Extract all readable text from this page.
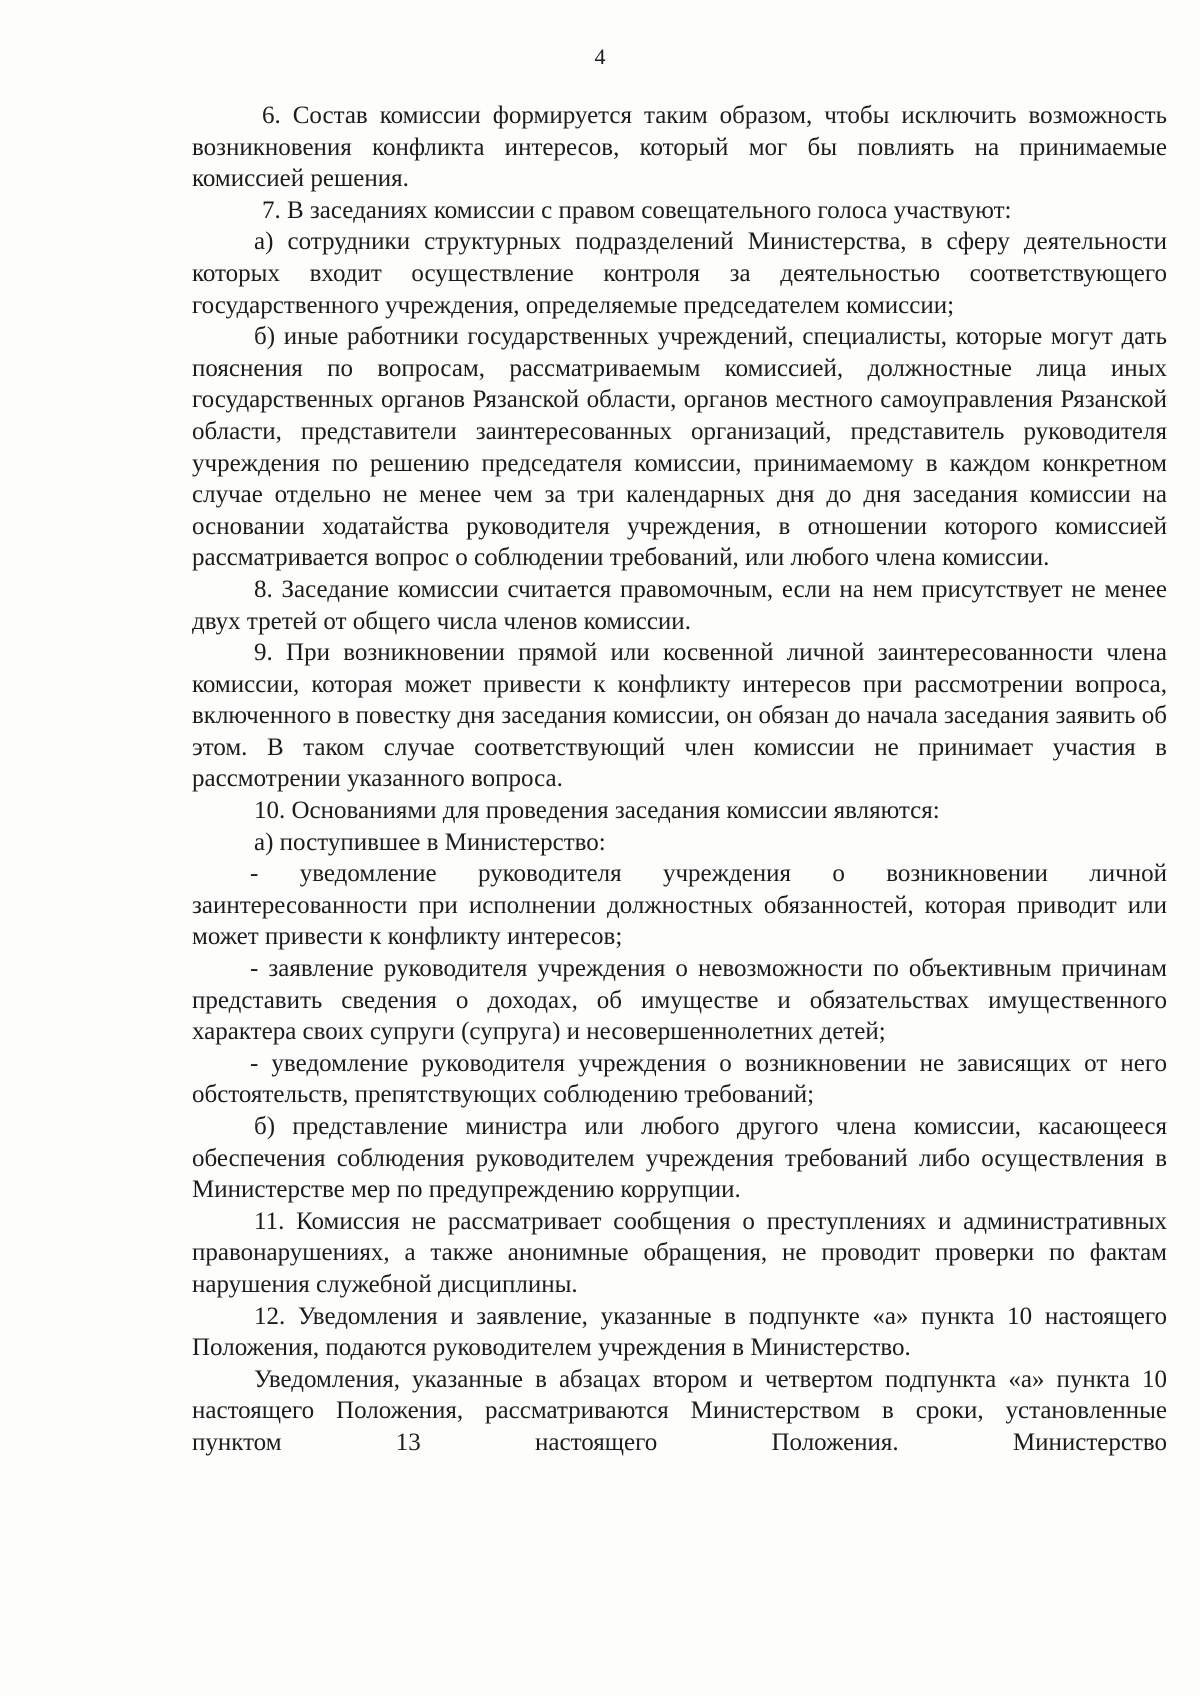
4

6. Состав комиссии формируется таким образом, чтобы исключить возможность возникновения конфликта интересов, который мог бы повлиять на принимаемые комиссией решения.

7. В заседаниях комиссии с правом совещательного голоса участвуют:

а) сотрудники структурных подразделений Министерства, в сферу деятельности которых входит осуществление контроля за деятельностью соответствующего государственного учреждения, определяемые председателем комиссии;

б) иные работники государственных учреждений, специалисты, которые могут дать пояснения по вопросам, рассматриваемым комиссией, должностные лица иных государственных органов Рязанской области, органов местного самоуправления Рязанской области, представители заинтересованных организаций, представитель руководителя учреждения по решению председателя комиссии, принимаемому в каждом конкретном случае отдельно не менее чем за три календарных дня до дня заседания комиссии на основании ходатайства руководителя учреждения, в отношении которого комиссией рассматривается вопрос о соблюдении требований, или любого члена комиссии.

8. Заседание комиссии считается правомочным, если на нем присутствует не менее двух третей от общего числа членов комиссии.

9. При возникновении прямой или косвенной личной заинтересованности члена комиссии, которая может привести к конфликту интересов при рассмотрении вопроса, включенного в повестку дня заседания комиссии, он обязан до начала заседания заявить об этом. В таком случае соответствующий член комиссии не принимает участия в рассмотрении указанного вопроса.

10. Основаниями для проведения заседания комиссии являются:

а) поступившее в Министерство:

- уведомление руководителя учреждения о возникновении личной заинтересованности при исполнении должностных обязанностей, которая приводит или может привести к конфликту интересов;

- заявление руководителя учреждения о невозможности по объективным причинам представить сведения о доходах, об имуществе и обязательствах имущественного характера своих супруги (супруга) и несовершеннолетних детей;

- уведомление руководителя учреждения о возникновении не зависящих от него обстоятельств, препятствующих соблюдению требований;

б) представление министра или любого другого члена комиссии, касающееся обеспечения соблюдения руководителем учреждения требований либо осуществления в Министерстве мер по предупреждению коррупции.

11. Комиссия не рассматривает сообщения о преступлениях и административных правонарушениях, а также анонимные обращения, не проводит проверки по фактам нарушения служебной дисциплины.

12. Уведомления и заявление, указанные в подпункте «а» пункта 10 настоящего Положения, подаются руководителем учреждения в Министерство.

Уведомления, указанные в абзацах втором и четвертом подпункта «а» пункта 10 настоящего Положения, рассматриваются Министерством в сроки, установленные пунктом 13 настоящего Положения. Министерство
